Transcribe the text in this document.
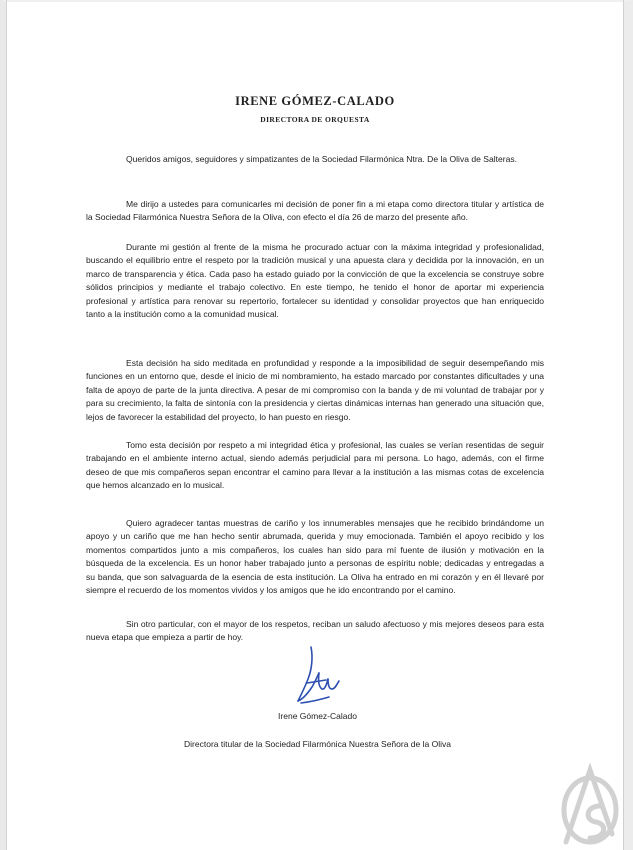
IRENE GÓMEZ-CALADO

DIRECTORA DE ORQUESTA

Queridos amigos, seguidores y simpatizantes de la Sociedad Filarmónica Ntra. De la Oliva de Salteras.

Me dirijo a ustedes para comunicarles mi decisión de poner fin a mi etapa como directora titular y artística de la Sociedad Filarmónica Nuestra Señora de la Oliva, con efecto el día 26 de marzo del presente año.

Durante mi gestión al frente de la misma he procurado actuar con la máxima integridad y profesionalidad, buscando el equilibrio entre el respeto por la tradición musical y una apuesta clara y decidida por la innovación, en un marco de transparencia y ética. Cada paso ha estado guiado por la convicción de que la excelencia se construye sobre sólidos principios y mediante el trabajo colectivo. En este tiempo, he tenido el honor de aportar mi experiencia profesional y artística para renovar su repertorio, fortalecer su identidad y consolidar proyectos que han enriquecido tanto a la institución como a la comunidad musical.

Esta decisión ha sido meditada en profundidad y responde a la imposibilidad de seguir desempeñando mis funciones en un entorno que, desde el inicio de mi nombramiento, ha estado marcado por constantes dificultades y una falta de apoyo de parte de la junta directiva. A pesar de mi compromiso con la banda y de mi voluntad de trabajar por y para su crecimiento, la falta de sintonía con la presidencia y ciertas dinámicas internas han generado una situación que, lejos de favorecer la estabilidad del proyecto, lo han puesto en riesgo.

Tomo esta decisión por respeto a mi integridad ética y profesional, las cuales se verían resentidas de seguir trabajando en el ambiente interno actual, siendo además perjudicial para mi persona. Lo hago, además, con el firme deseo de que mis compañeros sepan encontrar el camino para llevar a la institución a las mismas cotas de excelencia que hemos alcanzado en lo musical.

Quiero agradecer tantas muestras de cariño y los innumerables mensajes que he recibido brindándome un apoyo y un cariño que me han hecho sentir abrumada, querida y muy emocionada. También el apoyo recibido y los momentos compartidos junto a mis compañeros, los cuales han sido para mí fuente de ilusión y motivación en la búsqueda de la excelencia. Es un honor haber trabajado junto a personas de espíritu noble; dedicadas y entregadas a su banda, que son salvaguarda de la esencia de esta institución. La Oliva ha entrado en mi corazón y en él llevaré por siempre el recuerdo de los momentos vividos y los amigos que he ido encontrando por el camino.

Sin otro particular, con el mayor de los respetos, reciban un saludo afectuoso y mis mejores deseos para esta nueva etapa que empieza a partir de hoy.

Irene Gómez-Calado

Directora titular de la Sociedad Filarmónica Nuestra Señora de la Oliva
